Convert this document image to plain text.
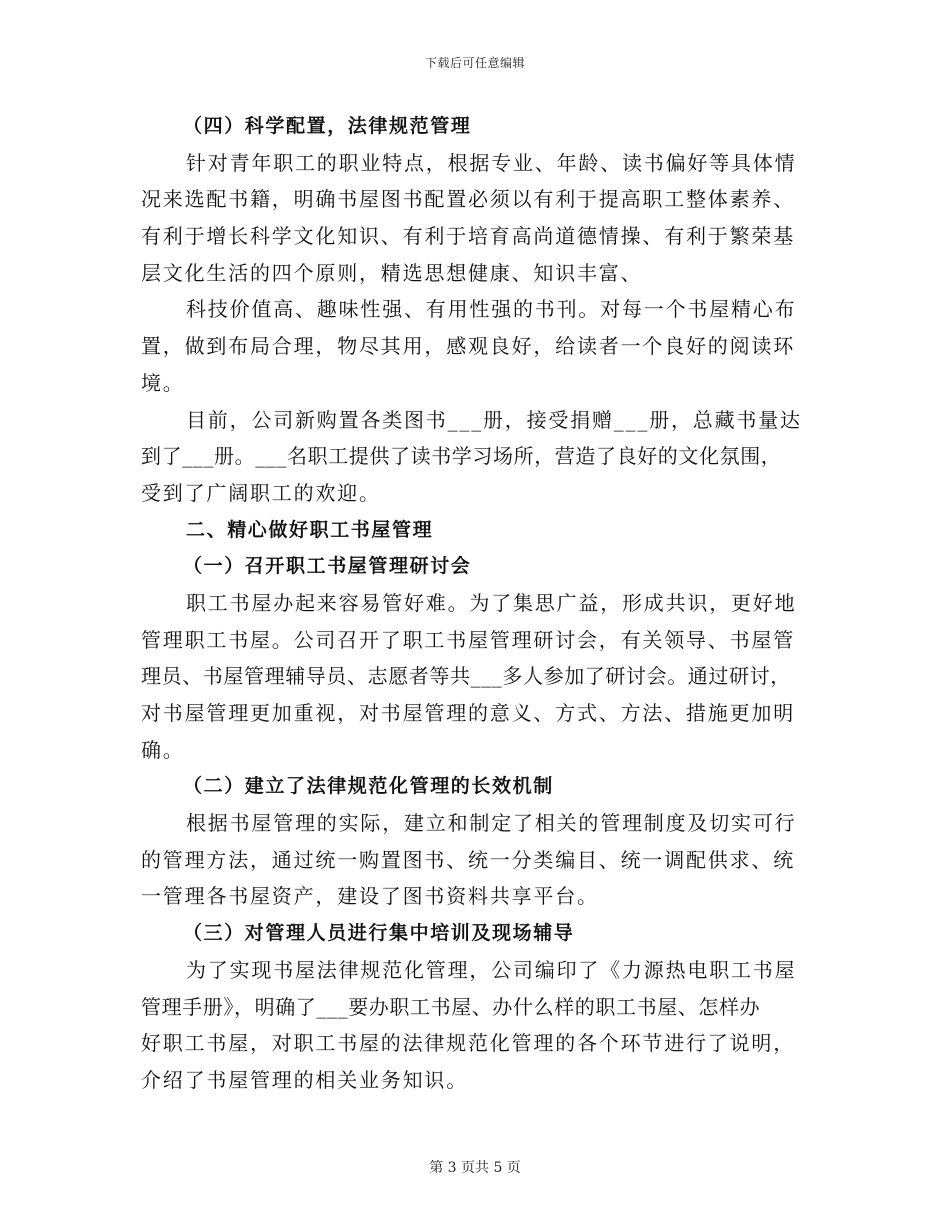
下载后可任意编辑
（四）科学配置，法律规范管理
针对青年职工的职业特点，根据专业、年龄、读书偏好等具体情
况来选配书籍，明确书屋图书配置必须以有利于提高职工整体素养、
有利于增长科学文化知识、有利于培育高尚道德情操、有利于繁荣基
层文化生活的四个原则，精选思想健康、知识丰富、
科技价值高、趣味性强、有用性强的书刊。对每一个书屋精心布
置，做到布局合理，物尽其用，感观良好，给读者一个良好的阅读环
境。
目前，公司新购置各类图书___册，接受捐赠___册，总藏书量达
到了___册。___名职工提供了读书学习场所，营造了良好的文化氛围，
受到了广阔职工的欢迎。
二、精心做好职工书屋管理
（一）召开职工书屋管理研讨会
职工书屋办起来容易管好难。为了集思广益，形成共识，更好地
管理职工书屋。公司召开了职工书屋管理研讨会，有关领导、书屋管
理员、书屋管理辅导员、志愿者等共___多人参加了研讨会。通过研讨，
对书屋管理更加重视，对书屋管理的意义、方式、方法、措施更加明
确。
（二）建立了法律规范化管理的长效机制
根据书屋管理的实际，建立和制定了相关的管理制度及切实可行
的管理方法，通过统一购置图书、统一分类编目、统一调配供求、统
一管理各书屋资产，建设了图书资料共享平台。
（三）对管理人员进行集中培训及现场辅导
为了实现书屋法律规范化管理，公司编印了《力源热电职工书屋
管理手册》，明确了___要办职工书屋、办什么样的职工书屋、怎样办
好职工书屋，对职工书屋的法律规范化管理的各个环节进行了说明，
介绍了书屋管理的相关业务知识。
第 3 页共 5 页
